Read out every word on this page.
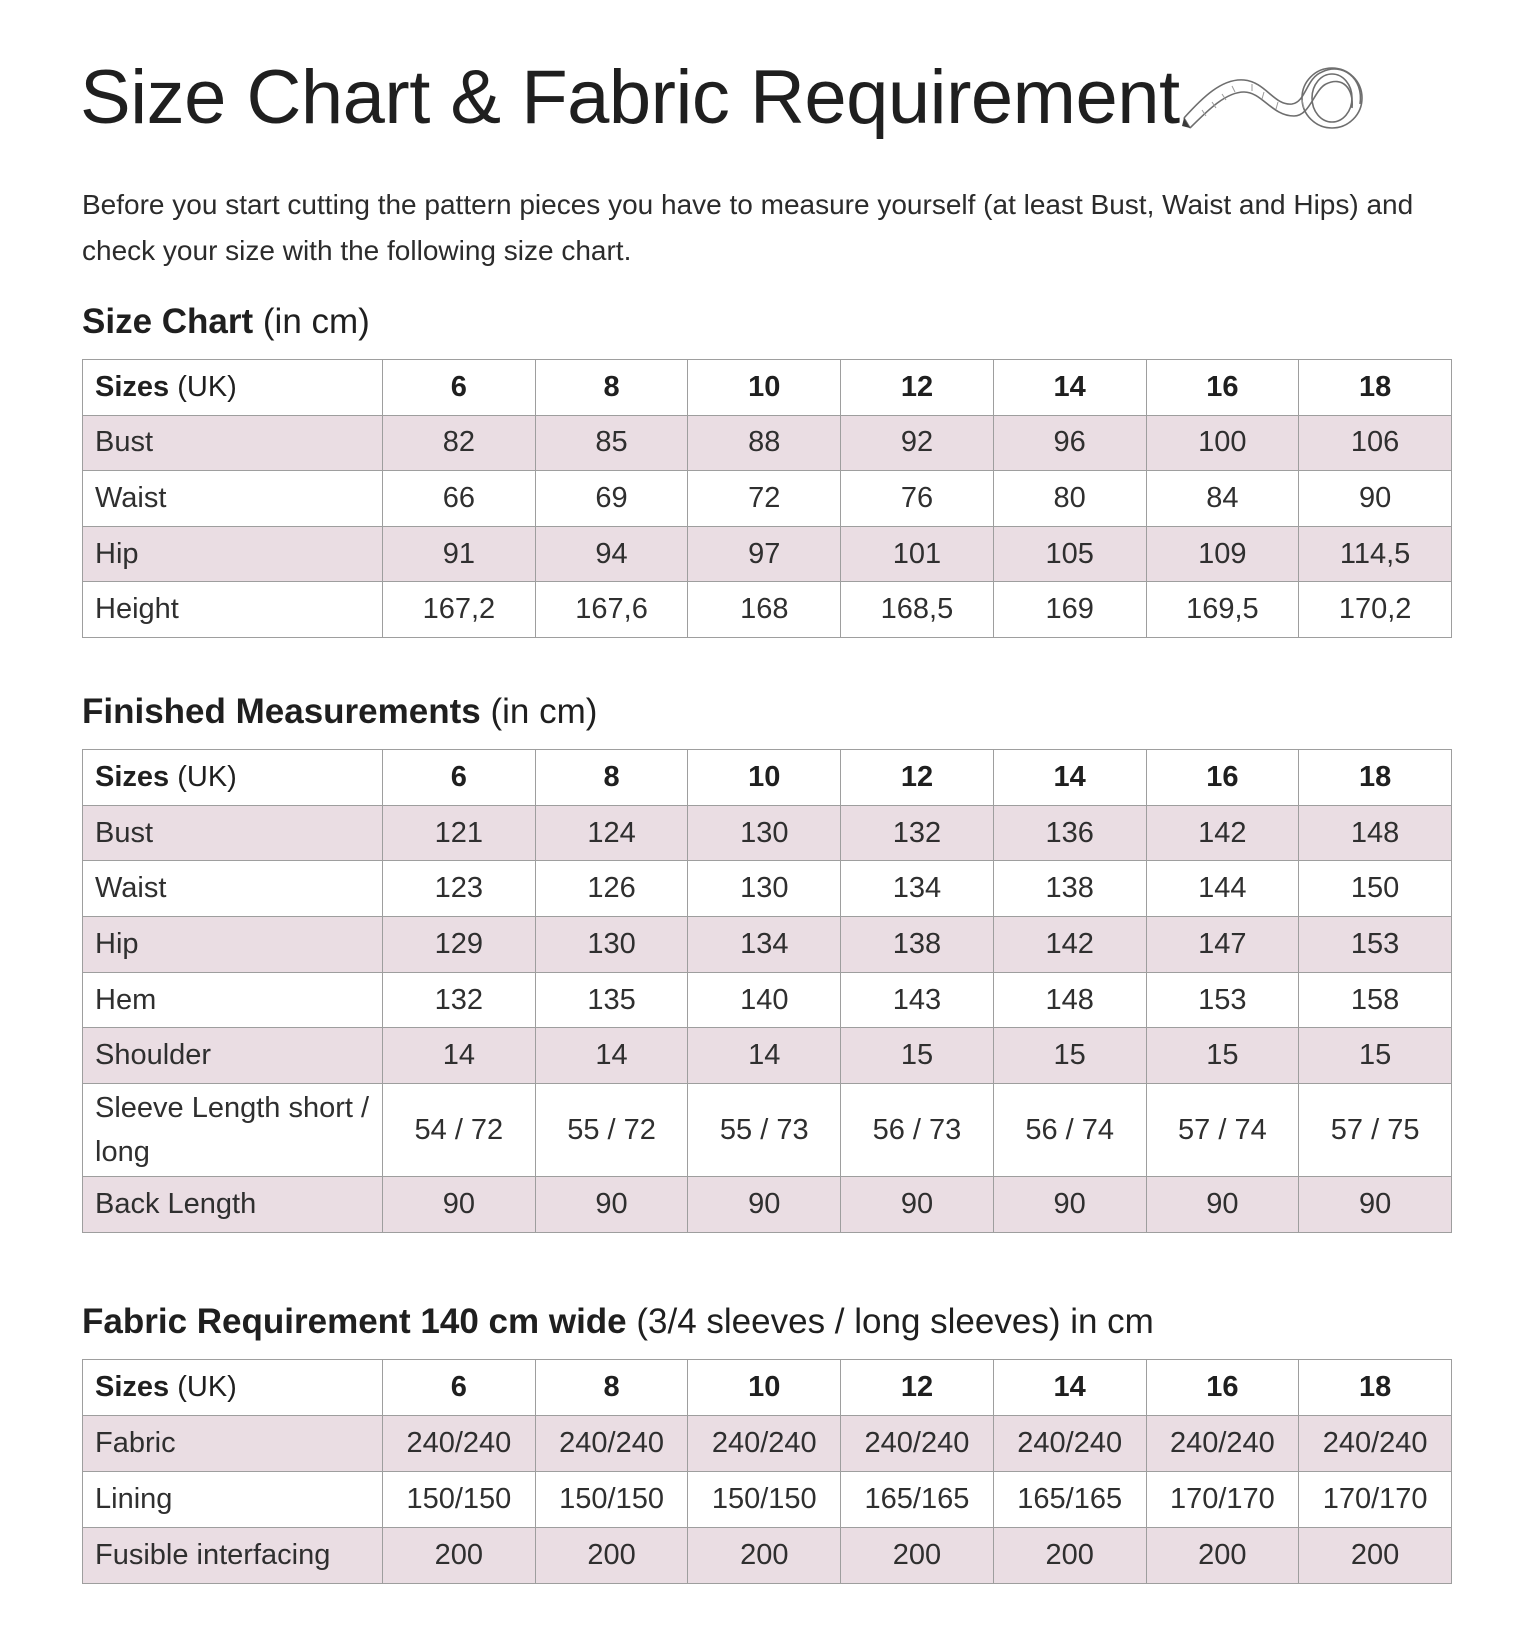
Size Chart & Fabric Requirement
Before you start cutting the pattern pieces you have to measure yourself (at least Bust, Waist and Hips) and check your size with the following size chart.
Size Chart (in cm)
Sizes (UK)	6	8	10	12	14	16	18
Bust	82	85	88	92	96	100	106
Waist	66	69	72	76	80	84	90
Hip	91	94	97	101	105	109	114,5
Height	167,2	167,6	168	168,5	169	169,5	170,2
Finished Measurements (in cm)
Sizes (UK)	6	8	10	12	14	16	18
Bust	121	124	130	132	136	142	148
Waist	123	126	130	134	138	144	150
Hip	129	130	134	138	142	147	153
Hem	132	135	140	143	148	153	158
Shoulder	14	14	14	15	15	15	15
Sleeve Length short / long	54 / 72	55 / 72	55 / 73	56 / 73	56 / 74	57 / 74	57 / 75
Back Length	90	90	90	90	90	90	90
Fabric Requirement 140 cm wide (3/4 sleeves / long sleeves) in cm
Sizes (UK)	6	8	10	12	14	16	18
Fabric	240/240	240/240	240/240	240/240	240/240	240/240	240/240
Lining	150/150	150/150	150/150	165/165	165/165	170/170	170/170
Fusible interfacing	200	200	200	200	200	200	200
